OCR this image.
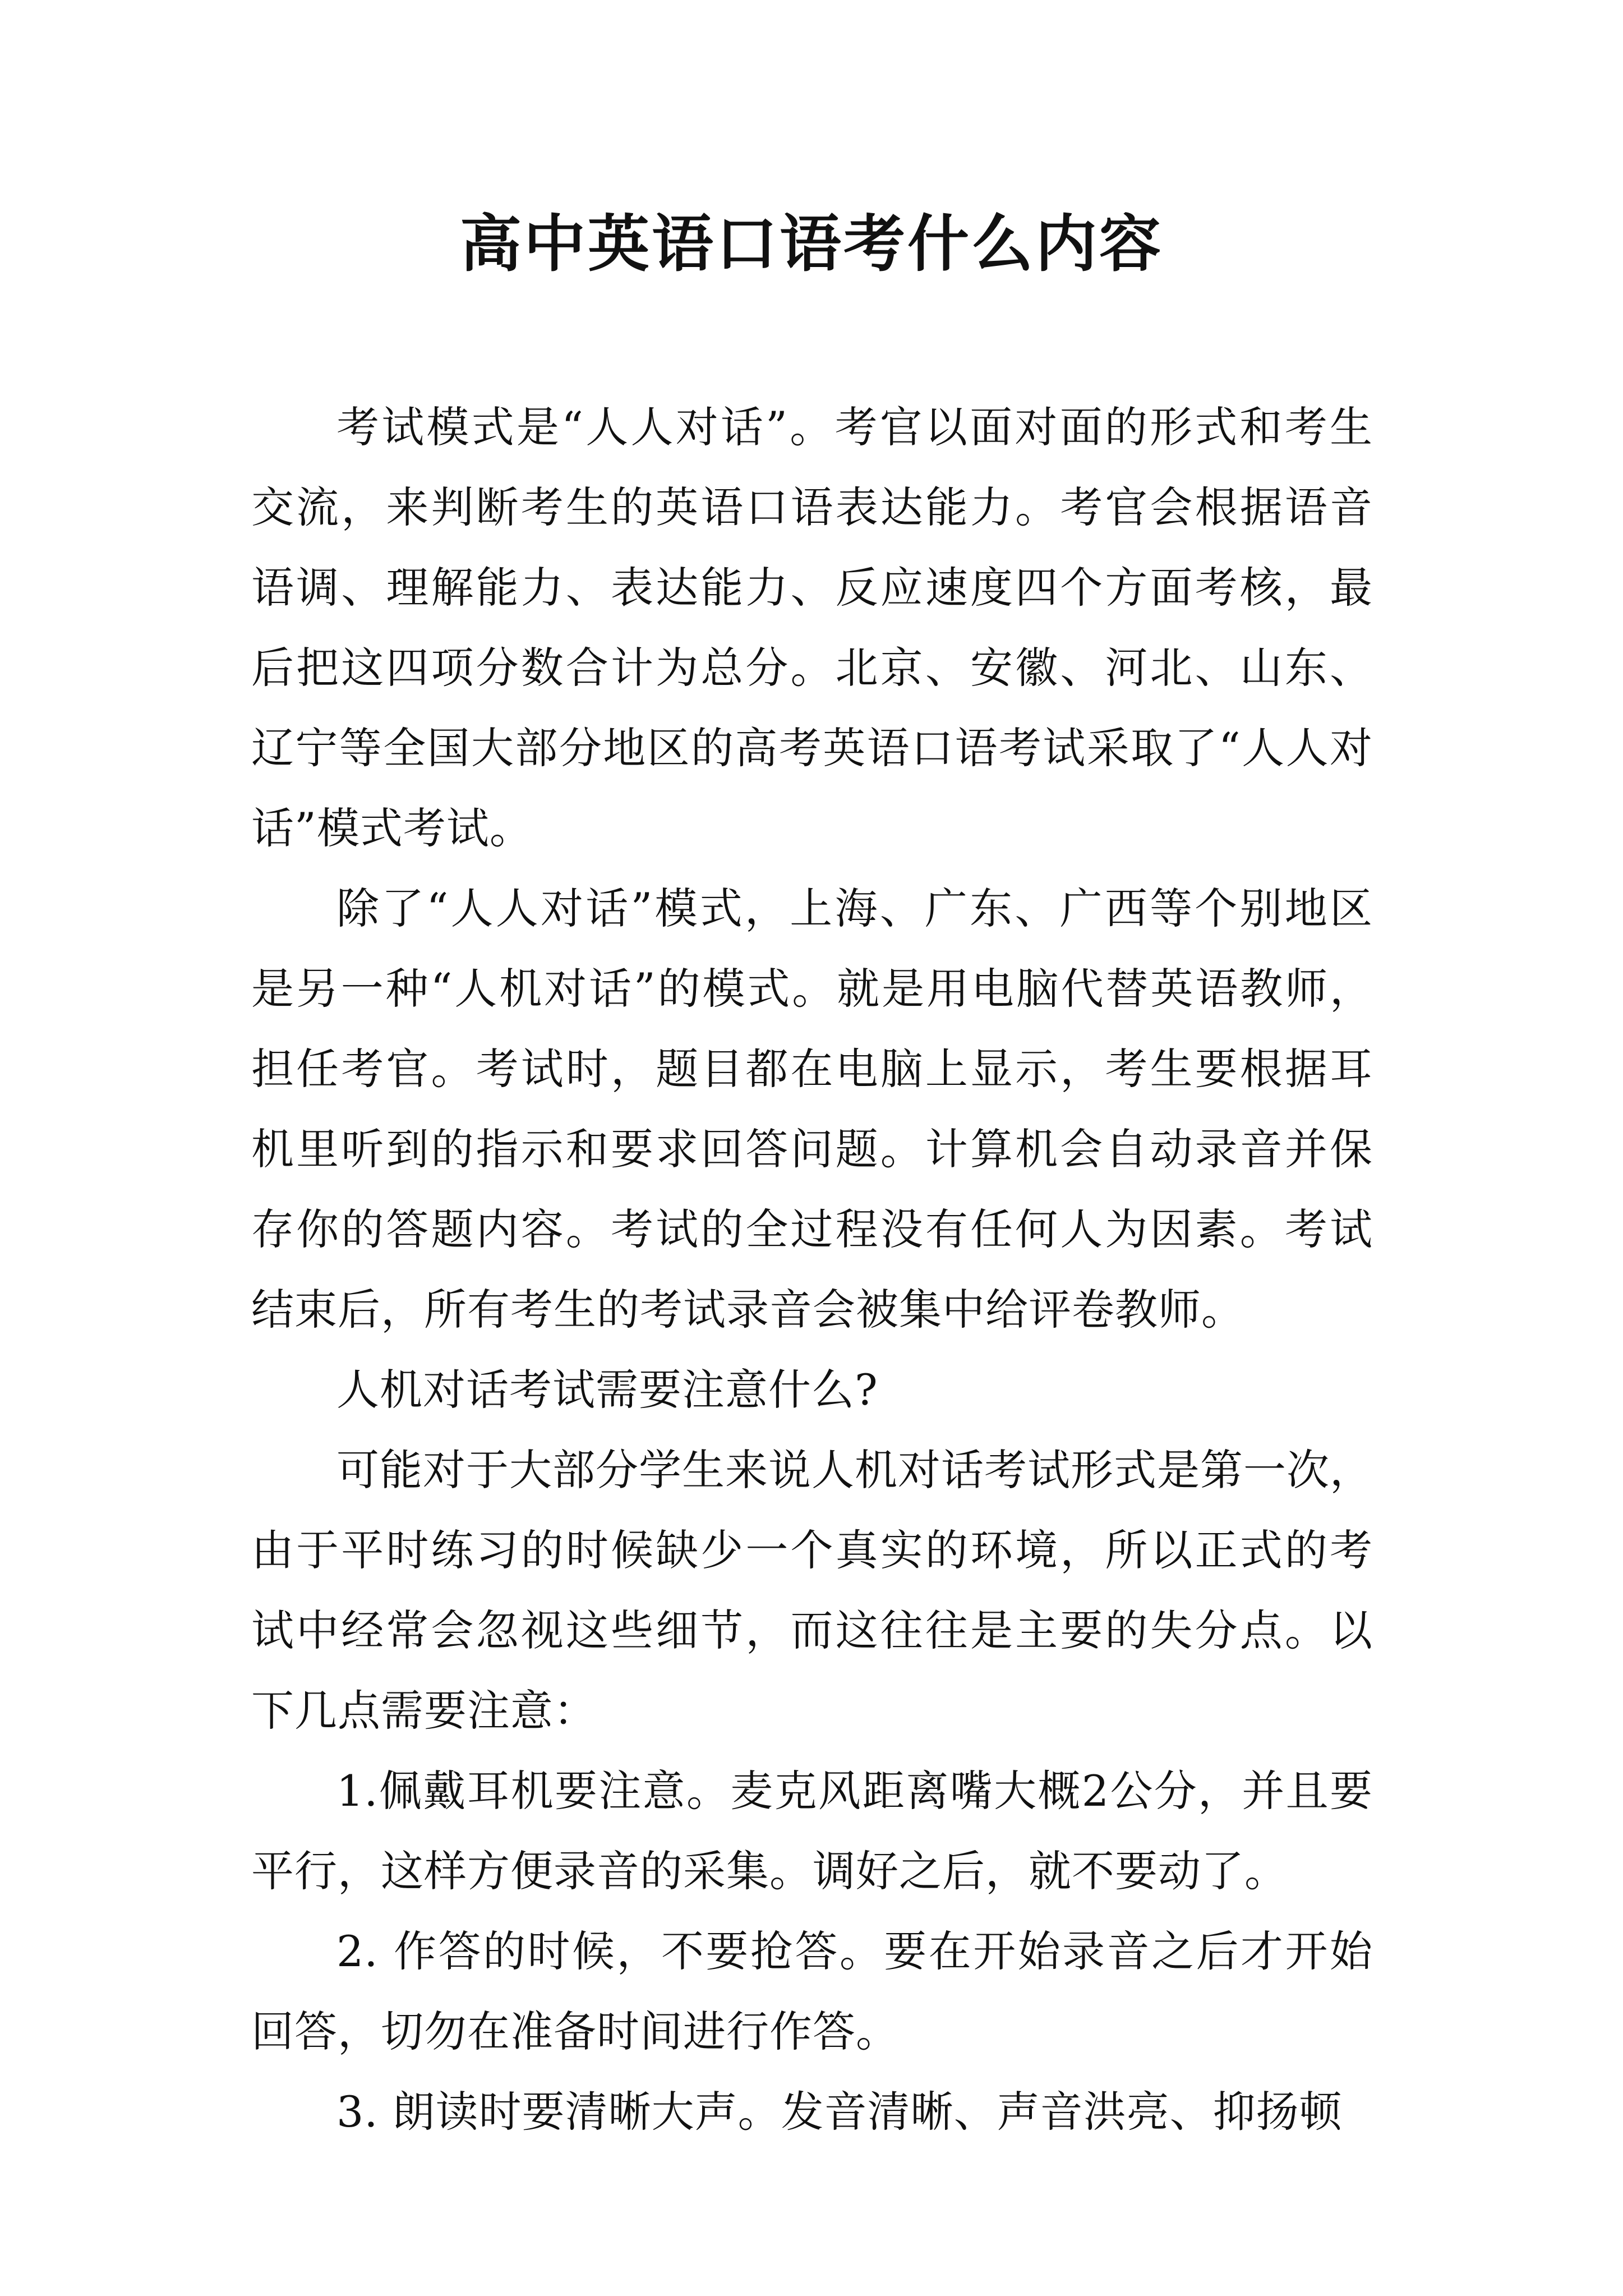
高中英语口语考什么内容

考试模式是“人人对话”。考官以面对面的形式和考生交流，来判断考生的英语口语表达能力。考官会根据语音语调、理解能力、表达能力、反应速度四个方面考核，最后把这四项分数合计为总分。北京、安徽、河北、山东、辽宁等全国大部分地区的高考英语口语考试采取了“人人对话”模式考试。

除了“人人对话”模式，上海、广东、广西等个别地区是另一种“人机对话”的模式。就是用电脑代替英语教师，担任考官。考试时，题目都在电脑上显示，考生要根据耳机里听到的指示和要求回答问题。计算机会自动录音并保存你的答题内容。考试的全过程没有任何人为因素。考试结束后，所有考生的考试录音会被集中给评卷教师。

人机对话考试需要注意什么?

可能对于大部分学生来说人机对话考试形式是第一次，由于平时练习的时候缺少一个真实的环境，所以正式的考试中经常会忽视这些细节，而这往往是主要的失分点。以下几点需要注意：

1.佩戴耳机要注意。麦克风距离嘴大概2公分，并且要平行，这样方便录音的采集。调好之后，就不要动了。

2. 作答的时候，不要抢答。要在开始录音之后才开始回答，切勿在准备时间进行作答。

3. 朗读时要清晰大声。发音清晰、声音洪亮、抑扬顿
